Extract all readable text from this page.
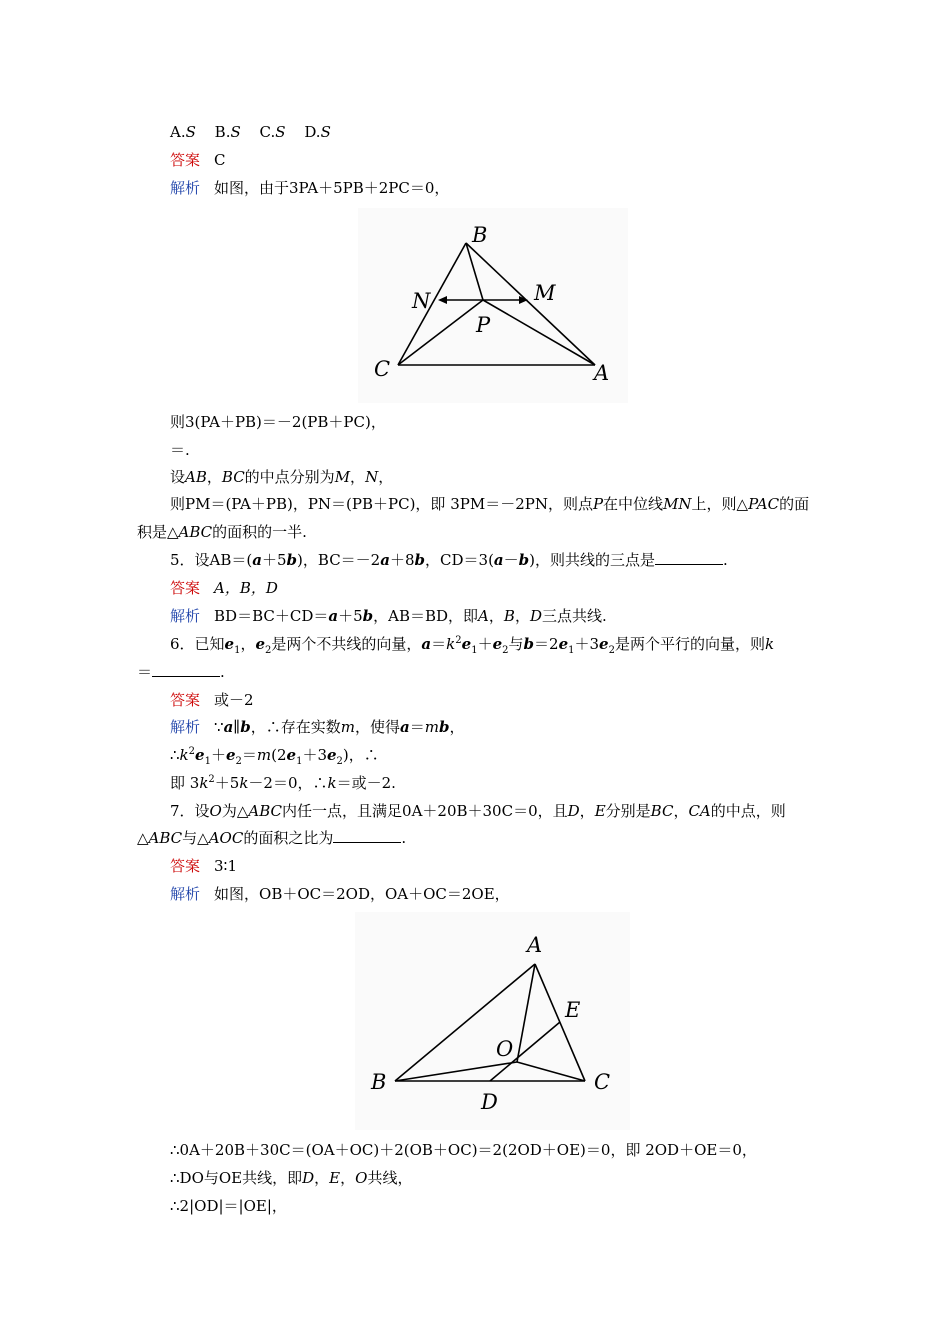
A.S B.S C.S D.S
答案 C
解析 如图，由于3PA＋5PB＋2PC＝0，
B
N	M
P
C	A
则3(PA＋PB)＝－2(PB＋PC)，
＝.
设AB，BC的中点分别为M，N，
则PM＝(PA＋PB)，PN＝(PB＋PC)，即 3PM＝－2PN，则点P在中位线MN上，则△PAC的面
积是△ABC的面积的一半.
5．设AB＝(a＋5b)，BC＝－2a＋8b，CD＝3(a－b)，则共线的三点是	.
答案 A，B，D
解析 BD＝BC＋CD＝a＋5b，AB＝BD，即A，B，D三点共线.
6．已知$e_1$，$e_2$是两个不共线的向量，$a=k^2e_1+e_2$与$b=2e_1+3e_2$是两个平行的向量，则k
＝	.
答案 或－2
解析 ∵a∥b，∴存在实数m，使得a＝mb，
$\therefore k^2e_1+e_2=m(2e_1+3e_2)$，∴
即 $3k^2+5k-2=0$，∴k＝或－2.
7．设O为△ABC内任一点，且满足0A＋20B＋30C＝0，且D，E分别是BC，CA的中点，则
△ABC与△AOC的面积之比为	.
答案 3∶1
解析 如图，OB＋OC＝2OD，OA＋OC＝2OE，
A
E
O
B	C
D
∴0A＋20B＋30C＝(OA＋OC)＋2(OB＋OC)＝2(2OD＋OE)＝0，即 2OD＋OE＝0，
∴DO与OE共线，即D，E，O共线，
∴2|OD|＝|OE|，
